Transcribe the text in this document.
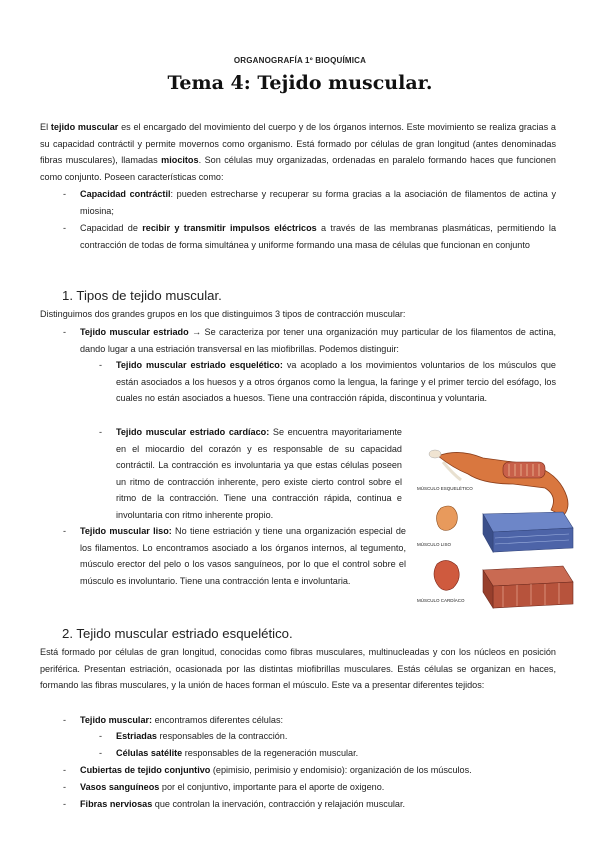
ORGANOGRAFÍA 1º BIOQUÍMICA
Tema 4: Tejido muscular.
El tejido muscular es el encargado del movimiento del cuerpo y de los órganos internos. Este movimiento se realiza gracias a su capacidad contráctil y permite movernos como organismo. Está formado por células de gran longitud (antes denominadas fibras musculares), llamadas miocitos. Son células muy organizadas, ordenadas en paralelo formando haces que funcionen como conjunto. Poseen características como:
- Capacidad contráctil: pueden estrecharse y recuperar su forma gracias a la asociación de filamentos de actina y miosina;
- Capacidad de recibir y transmitir impulsos eléctricos a través de las membranas plasmáticas, permitiendo la contracción de todas de forma simultánea y uniforme formando una masa de células que funcionan en conjunto
1. Tipos de tejido muscular.
Distinguimos dos grandes grupos en los que distinguimos 3 tipos de contracción muscular:
- Tejido muscular estriado → Se caracteriza por tener una organización muy particular de los filamentos de actina, dando lugar a una estriación transversal en las miofibrillas. Podemos distinguir:
- Tejido muscular estriado esquelético: va acoplado a los movimientos voluntarios de los músculos que están asociados a los huesos y a otros órganos como la lengua, la faringe y el primer tercio del esófago, los cuales no están asociados a huesos. Tiene una contracción rápida, discontinua y voluntaria.
- Tejido muscular estriado cardíaco: Se encuentra mayoritariamente en el miocardio del corazón y es responsable de su capacidad contráctil. La contracción es involuntaria ya que estas células poseen un ritmo de contracción inherente, pero existe cierto control sobre el ritmo de la contracción. Tiene una contracción rápida, continua e involuntaria con ritmo inherente propio.
- Tejido muscular liso: No tiene estriación y tiene una organización especial de los filamentos. Lo encontramos asociado a los órganos internos, al tegumento, músculo erector del pelo o los vasos sanguíneos, por lo que el control sobre el músculo es involuntario. Tiene una contracción lenta e involuntaria.
MÚSCULO ESQUELÉTICO
MÚSCULO LISO
MÚSCULO CARDÍACO
2. Tejido muscular estriado esquelético.
Está formado por células de gran longitud, conocidas como fibras musculares, multinucleadas y con los núcleos en posición periférica. Presentan estriación, ocasionada por las distintas miofibrillas musculares. Estás células se organizan en haces, formando las fibras musculares, y la unión de haces forman el músculo. Este va a presentar diferentes tejidos:
- Tejido muscular: encontramos diferentes células:
- Estriadas responsables de la contracción.
- Células satélite responsables de la regeneración muscular.
- Cubiertas de tejido conjuntivo (epimisio, perimisio y endomisio): organización de los músculos.
- Vasos sanguíneos por el conjuntivo, importante para el aporte de oxigeno.
- Fibras nerviosas que controlan la inervación, contracción y relajación muscular.
